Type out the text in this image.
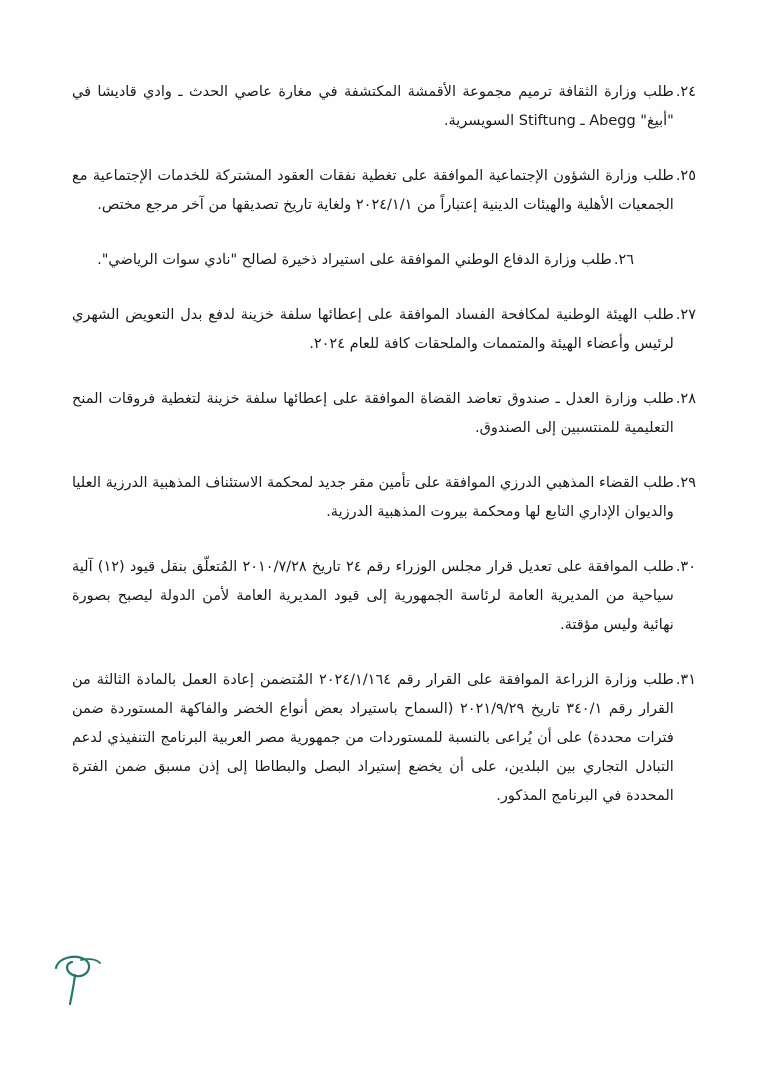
٢٤.
طلب وزارة الثقافة ترميم مجموعة الأقمشة المكتشفة في مغارة عاصي الحدث ـ وادي قاديشا في "أبيغ" Abegg ـ Stiftung السويسرية.
٢٥.
طلب وزارة الشؤون الإجتماعية الموافقة على تغطية نفقات العقود المشتركة للخدمات الإجتماعية مع الجمعيات الأهلية والهيئات الدينية إعتباراً من ٢٠٢٤/١/١ ولغاية تاريخ تصديقها من آخر مرجع مختص.
٢٦.
طلب وزارة الدفاع الوطني الموافقة على استيراد ذخيرة لصالح "نادي سوات الرياضي".
٢٧.
طلب الهيئة الوطنية لمكافحة الفساد الموافقة على إعطائها سلفة خزينة لدفع بدل التعويض الشهري لرئيس وأعضاء الهيئة والمتممات والملحقات كافة للعام ٢٠٢٤.
٢٨.
طلب وزارة العدل ـ صندوق تعاضد القضاة الموافقة على إعطائها سلفة خزينة لتغطية فروقات المنح التعليمية للمنتسبين إلى الصندوق.
٢٩.
طلب القضاء المذهبي الدرزي الموافقة على تأمين مقر جديد لمحكمة الاستئناف المذهبية الدرزية العليا والديوان الإداري التابع لها ومحكمة بيروت المذهبية الدرزية.
٣٠.
طلب الموافقة على تعديل قرار مجلس الوزراء رقم ٢٤ تاريخ ٢٠١٠/٧/٢٨ المُتعلّق بنقل قيود (١٢) آلية سياحية من المديرية العامة لرئاسة الجمهورية إلى قيود المديرية العامة لأمن الدولة ليصبح بصورة نهائية وليس مؤقتة.
٣١.
طلب وزارة الزراعة الموافقة على القرار رقم ٢٠٢٤/١/١٦٤ المُتضمن إعادة العمل بالمادة الثالثة من القرار رقم ٣٤٠/١ تاريخ ٢٠٢١/٩/٢٩ (السماح باستيراد بعض أنواع الخضر والفاكهة المستوردة ضمن فترات محددة) على أن يُراعى بالنسبة للمستوردات من جمهورية مصر العربية البرنامج التنفيذي لدعم التبادل التجاري بين البلدين، على أن يخضع إستيراد البصل والبطاطا إلى إذن مسبق ضمن الفترة المحددة في البرنامج المذكور.
